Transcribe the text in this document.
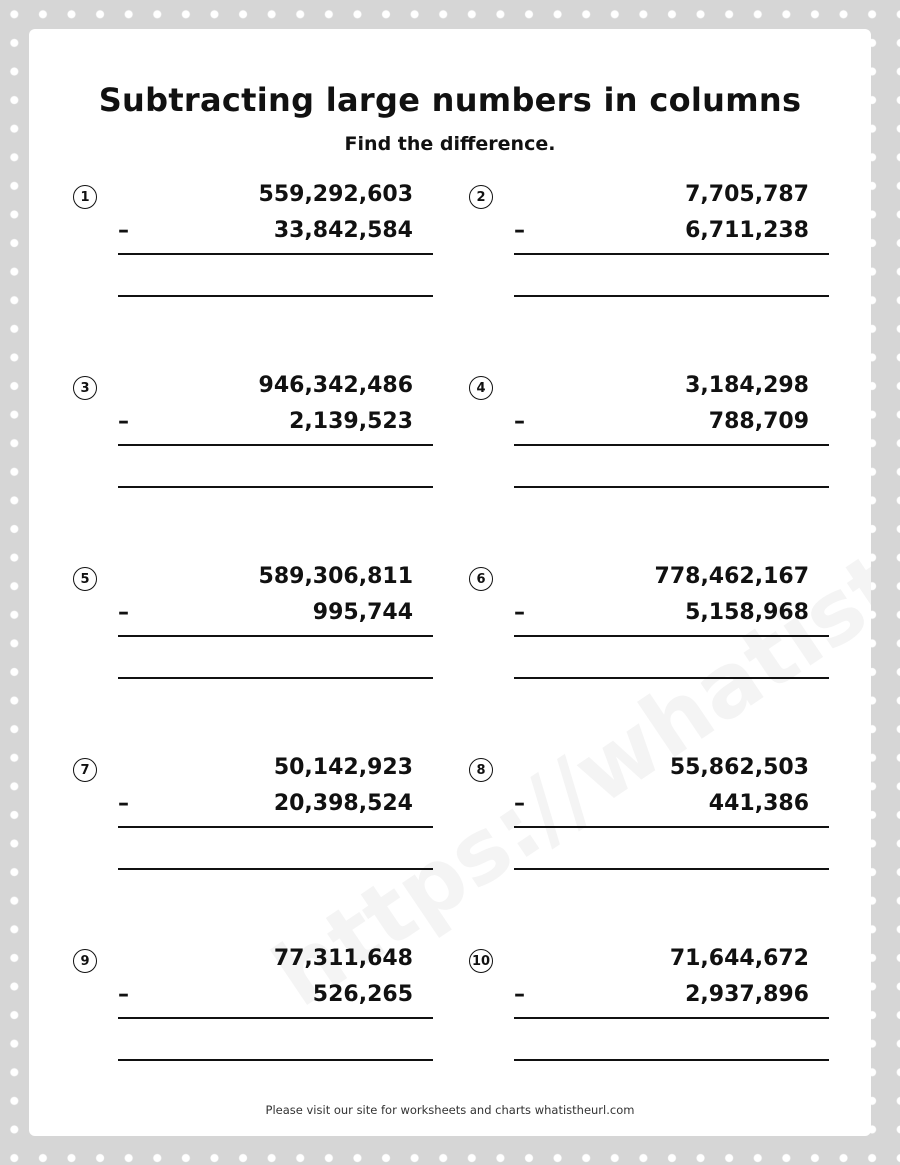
Subtracting large numbers in columns
Find the difference.
1	559,292,603
–	33,842,584
2	7,705,787
–	6,711,238
3	946,342,486
–	2,139,523
4	3,184,298
–	788,709
5	589,306,811
–	995,744
6	778,462,167
–	5,158,968
7	50,142,923
–	20,398,524
8	55,862,503
–	441,386
9	77,311,648
–	526,265
10	71,644,672
–	2,937,896
Please visit our site for worksheets and charts whatistheurl.com
